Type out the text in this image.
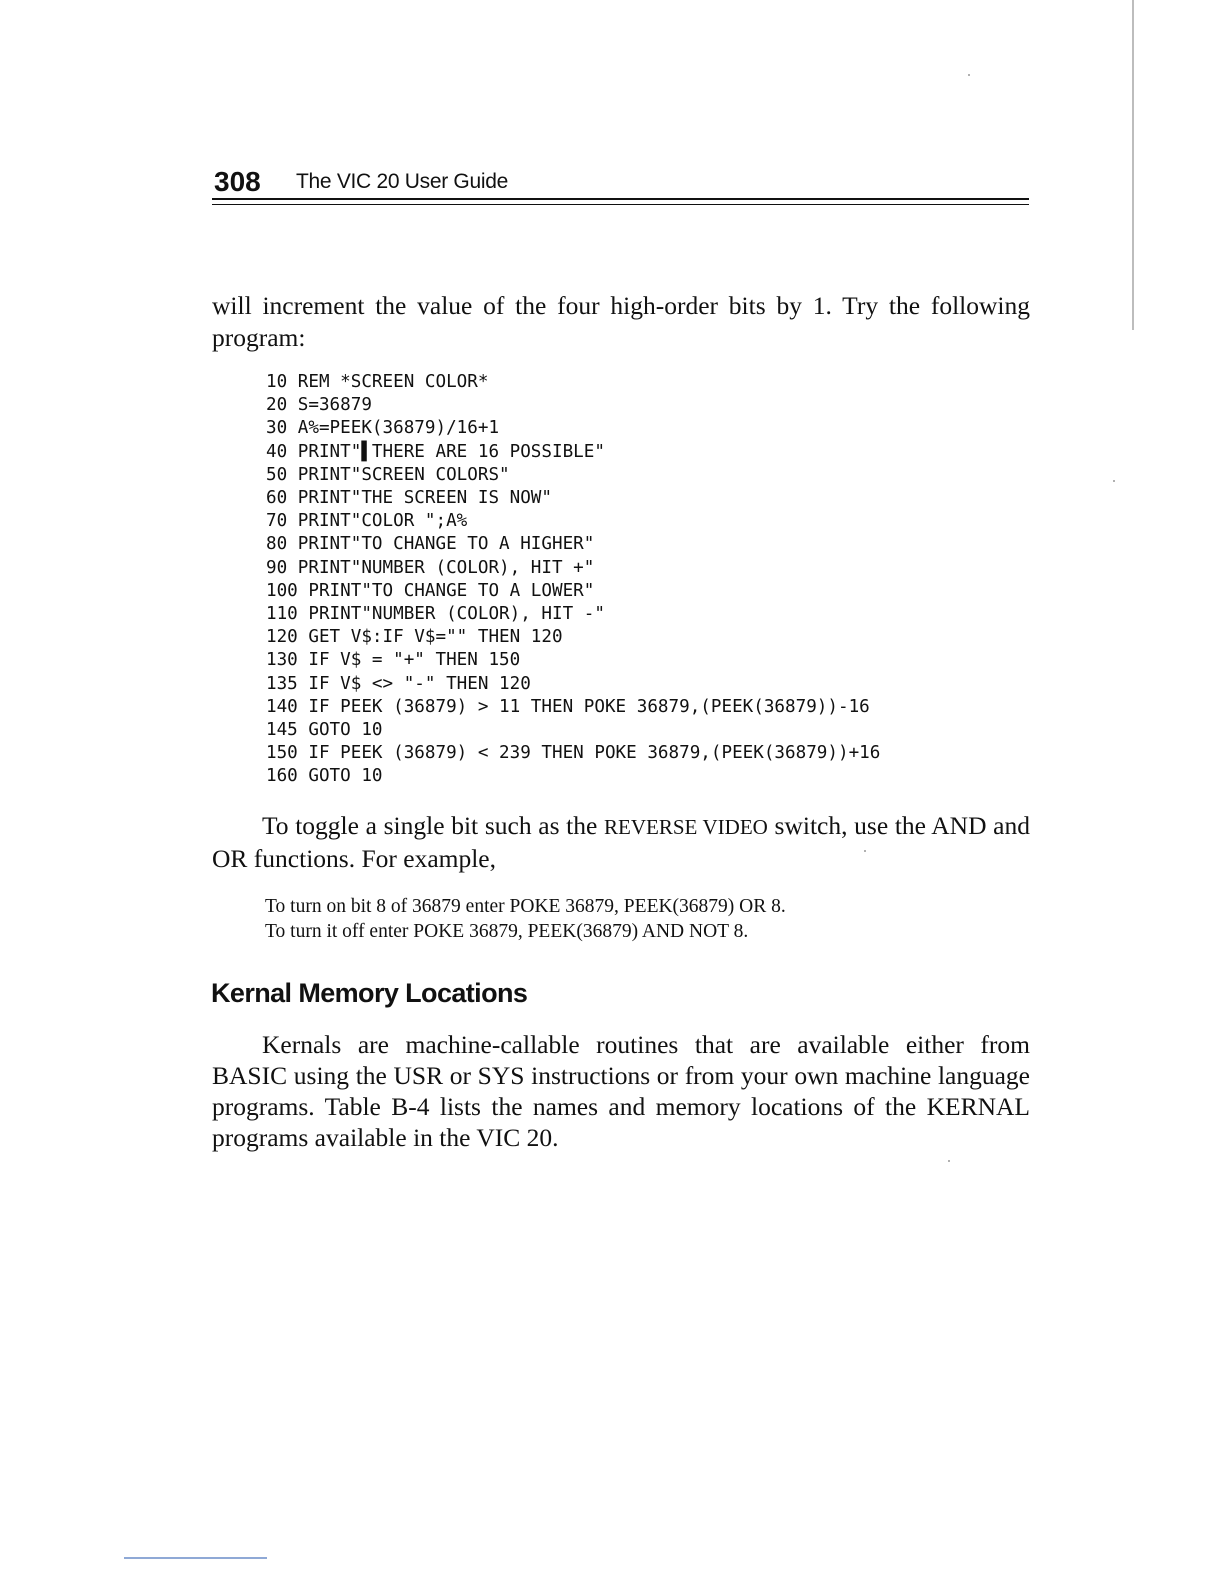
308 The VIC 20 User Guide

will increment the value of the four high-order bits by 1. Try the following program:

10 REM *SCREEN COLOR*
20 S=36879
30 A%=PEEK(36879)/16+1
40 PRINT"▌THERE ARE 16 POSSIBLE"
50 PRINT"SCREEN COLORS"
60 PRINT"THE SCREEN IS NOW"
70 PRINT"COLOR ";A%
80 PRINT"TO CHANGE TO A HIGHER"
90 PRINT"NUMBER (COLOR), HIT +"
100 PRINT"TO CHANGE TO A LOWER"
110 PRINT"NUMBER (COLOR), HIT -"
120 GET V$:IF V$="" THEN 120
130 IF V$ = "+" THEN 150
135 IF V$ <> "-" THEN 120
140 IF PEEK (36879) > 11 THEN POKE 36879,(PEEK(36879))-16
145 GOTO 10
150 IF PEEK (36879) < 239 THEN POKE 36879,(PEEK(36879))+16
160 GOTO 10

To toggle a single bit such as the REVERSE VIDEO switch, use the AND and OR functions. For example,

To turn on bit 8 of 36879 enter POKE 36879, PEEK(36879) OR 8.
To turn it off enter POKE 36879, PEEK(36879) AND NOT 8.
Kernal Memory Locations

Kernals are machine-callable routines that are available either from BASIC using the USR or SYS instructions or from your own machine language programs. Table B-4 lists the names and memory locations of the KERNAL programs available in the VIC 20.
